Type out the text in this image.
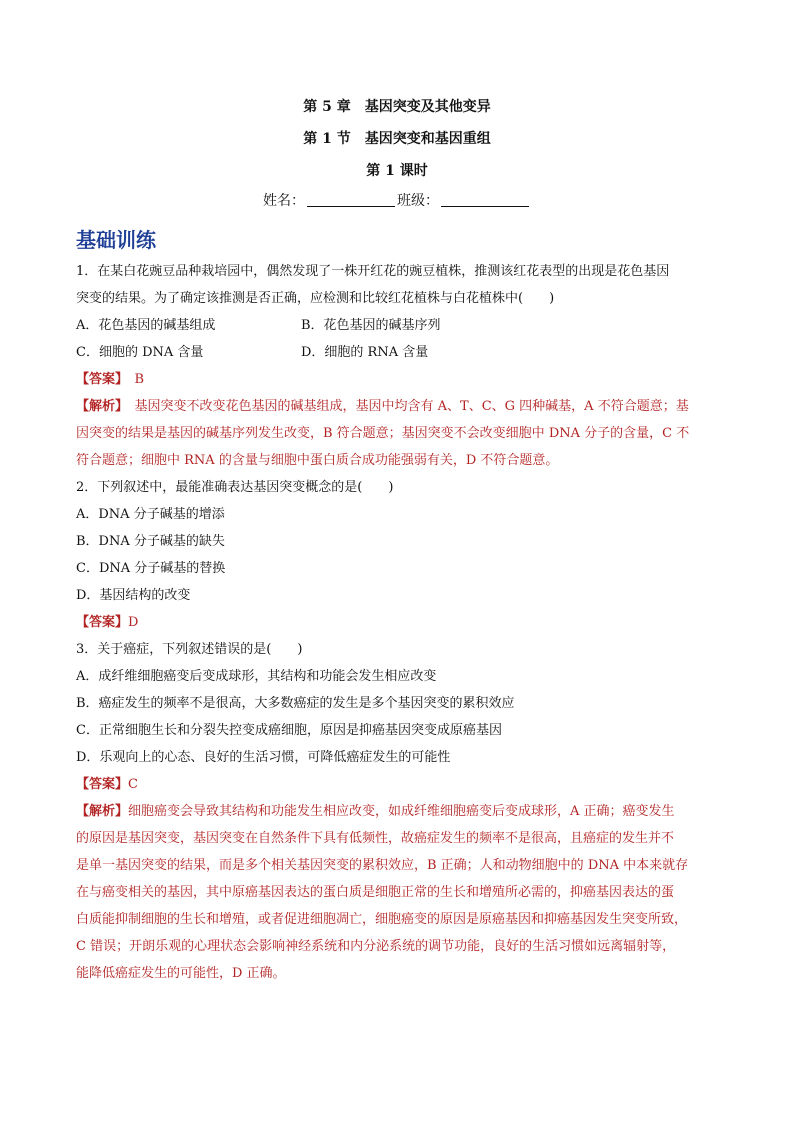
第 5 章　基因突变及其他变异
第 1 节　基因突变和基因重组
第 1 课时
姓名：	班级：
基础训练
1．在某白花豌豆品种栽培园中，偶然发现了一株开红花的豌豆植株，推测该红花表型的出现是花色基因
突变的结果。为了确定该推测是否正确，应检测和比较红花植株与白花植株中(　　)
A．花色基因的碱基组成	B．花色基因的碱基序列
C．细胞的 DNA 含量	D．细胞的 RNA 含量
【答案】　B
【解析】　基因突变不改变花色基因的碱基组成，基因中均含有 A、T、C、G 四种碱基，A 不符合题意；基
因突变的结果是基因的碱基序列发生改变，B 符合题意；基因突变不会改变细胞中 DNA 分子的含量，C 不
符合题意；细胞中 RNA 的含量与细胞中蛋白质合成功能强弱有关，D 不符合题意。
2．下列叙述中，最能准确表达基因突变概念的是(　　)
A．DNA 分子碱基的增添
B．DNA 分子碱基的缺失
C．DNA 分子碱基的替换
D．基因结构的改变
【答案】D
3．关于癌症，下列叙述错误的是(　　)
A．成纤维细胞癌变后变成球形，其结构和功能会发生相应改变
B．癌症发生的频率不是很高，大多数癌症的发生是多个基因突变的累积效应
C．正常细胞生长和分裂失控变成癌细胞，原因是抑癌基因突变成原癌基因
D．乐观向上的心态、良好的生活习惯，可降低癌症发生的可能性
【答案】C
【解析】细胞癌变会导致其结构和功能发生相应改变，如成纤维细胞癌变后变成球形，A 正确；癌变发生
的原因是基因突变，基因突变在自然条件下具有低频性，故癌症发生的频率不是很高，且癌症的发生并不
是单一基因突变的结果，而是多个相关基因突变的累积效应，B 正确；人和动物细胞中的 DNA 中本来就存
在与癌变相关的基因，其中原癌基因表达的蛋白质是细胞正常的生长和增殖所必需的，抑癌基因表达的蛋
白质能抑制细胞的生长和增殖，或者促进细胞凋亡，细胞癌变的原因是原癌基因和抑癌基因发生突变所致，
C 错误；开朗乐观的心理状态会影响神经系统和内分泌系统的调节功能，良好的生活习惯如远离辐射等，
能降低癌症发生的可能性，D 正确。
